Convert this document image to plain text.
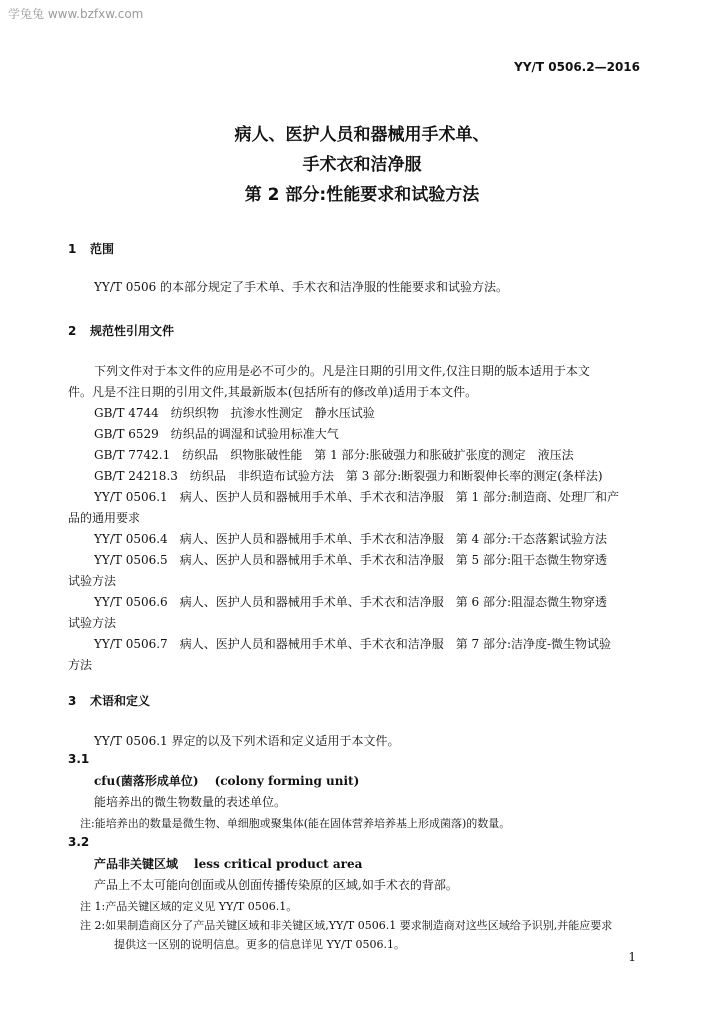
学兔兔 www.bzfxw.com
YY/T 0506.2—2016
病人、医护人员和器械用手术单、
手术衣和洁净服
第 2 部分:性能要求和试验方法
1 范围
YY/T 0506 的本部分规定了手术单、手术衣和洁净服的性能要求和试验方法。
2 规范性引用文件
下列文件对于本文件的应用是必不可少的。凡是注日期的引用文件,仅注日期的版本适用于本文
件。凡是不注日期的引用文件,其最新版本(包括所有的修改单)适用于本文件。
GB/T 4744　纺织织物　抗渗水性测定　静水压试验
GB/T 6529　纺织品的调湿和试验用标准大气
GB/T 7742.1　纺织品　织物胀破性能　第 1 部分:胀破强力和胀破扩张度的测定　液压法
GB/T 24218.3　纺织品　非织造布试验方法　第 3 部分:断裂强力和断裂伸长率的测定(条样法)
YY/T 0506.1　病人、医护人员和器械用手术单、手术衣和洁净服　第 1 部分:制造商、处理厂和产
品的通用要求
YY/T 0506.4　病人、医护人员和器械用手术单、手术衣和洁净服　第 4 部分:干态落絮试验方法
YY/T 0506.5　病人、医护人员和器械用手术单、手术衣和洁净服　第 5 部分:阻干态微生物穿透
试验方法
YY/T 0506.6　病人、医护人员和器械用手术单、手术衣和洁净服　第 6 部分:阻湿态微生物穿透
试验方法
YY/T 0506.7　病人、医护人员和器械用手术单、手术衣和洁净服　第 7 部分:洁净度-微生物试验
方法
3 术语和定义
YY/T 0506.1 界定的以及下列术语和定义适用于本文件。
3.1
cfu(菌落形成单位) (colony forming unit)
能培养出的微生物数量的表述单位。
注:能培养出的数量是微生物、单细胞或聚集体(能在固体营养培养基上形成菌落)的数量。
3.2
产品非关键区域 less critical product area
产品上不太可能向创面或从创面传播传染原的区域,如手术衣的背部。
注 1:产品关键区域的定义见 YY/T 0506.1。
注 2:如果制造商区分了产品关键区域和非关键区域,YY/T 0506.1 要求制造商对这些区域给予识别,并能应要求
提供这一区别的说明信息。更多的信息详见 YY/T 0506.1。
1
